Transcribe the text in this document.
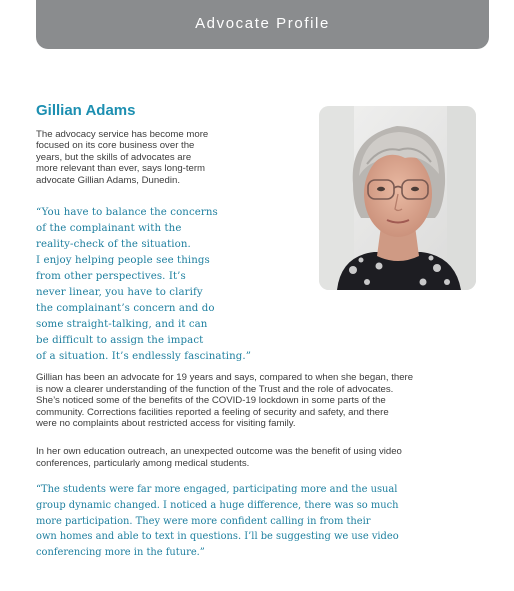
Advocate Profile
Gillian Adams
The advocacy service has become more
focused on its core business over the
years, but the skills of advocates are
more relevant than ever, says long-term
advocate Gillian Adams, Dunedin.
“You have to balance the concerns
of the complainant with the
reality-check of the situation.
I enjoy helping people see things
from other perspectives. It’s
never linear, you have to clarify
the complainant’s concern and do
some straight-talking, and it can
be difficult to assign the impact
of a situation. It’s endlessly fascinating.”
Gillian has been an advocate for 19 years and says, compared to when she began, there
is now a clearer understanding of the function of the Trust and the role of advocates.
She’s noticed some of the benefits of the COVID-19 lockdown in some parts of the
community. Corrections facilities reported a feeling of security and safety, and there
were no complaints about restricted access for visiting family.
In her own education outreach, an unexpected outcome was the benefit of using video
conferences, particularly among medical students.
“The students were far more engaged, participating more and the usual
group dynamic changed. I noticed a huge difference, there was so much
more participation. They were more confident calling in from their
own homes and able to text in questions. I’ll be suggesting we use video
conferencing more in the future.”
